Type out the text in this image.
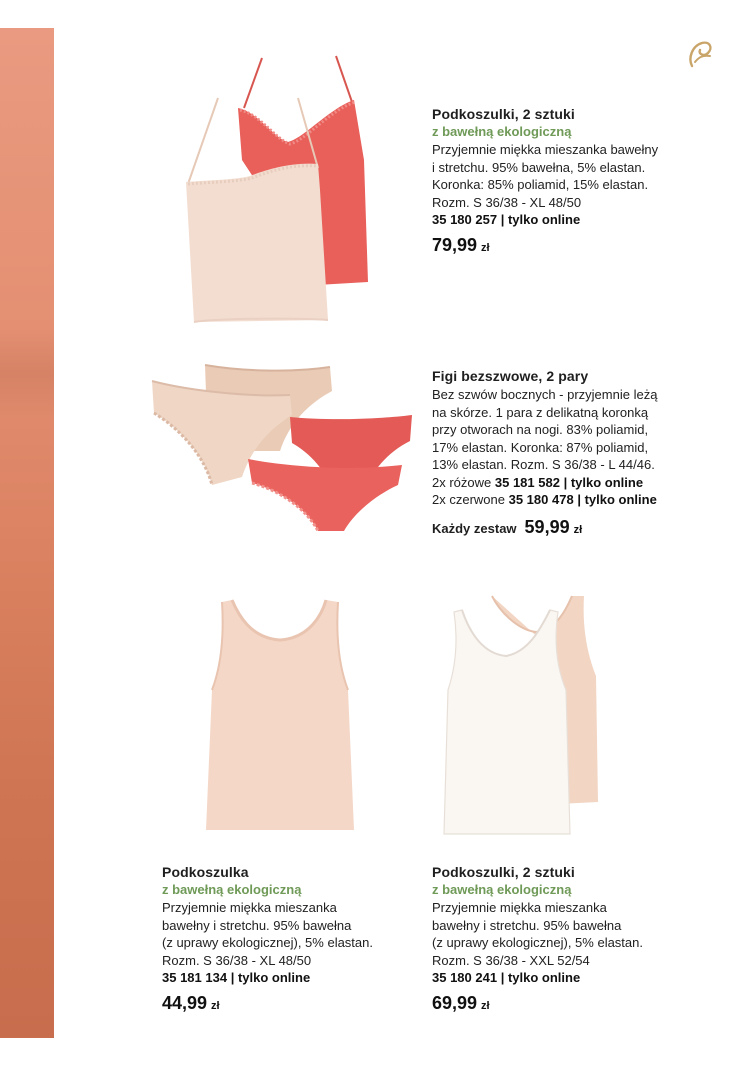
Podkoszulki, 2 sztuki
z bawełną ekologiczną
Przyjemnie miękka mieszanka bawełny
i stretchu. 95% bawełna, 5% elastan.
Koronka: 85% poliamid, 15% elastan.
Rozm. S 36/38 - XL 48/50
35 180 257 | tylko online
79,99 zł
Figi bezszwowe, 2 pary
Bez szwów bocznych - przyjemnie leżą
na skórze. 1 para z delikatną koronką
przy otworach na nogi. 83% poliamid,
17% elastan. Koronka: 87% poliamid,
13% elastan. Rozm. S 36/38 - L 44/46.
2x różowe 35 181 582 | tylko online
2x czerwone 35 180 478 | tylko online
Każdy zestaw 59,99 zł
Podkoszulka
z bawełną ekologiczną
Przyjemnie miękka mieszanka
bawełny i stretchu. 95% bawełna
(z uprawy ekologicznej), 5% elastan.
Rozm. S 36/38 - XL 48/50
35 181 134 | tylko online
44,99 zł
Podkoszulki, 2 sztuki
z bawełną ekologiczną
Przyjemnie miękka mieszanka
bawełny i stretchu. 95% bawełna
(z uprawy ekologicznej), 5% elastan.
Rozm. S 36/38 - XXL 52/54
35 180 241 | tylko online
69,99 zł
